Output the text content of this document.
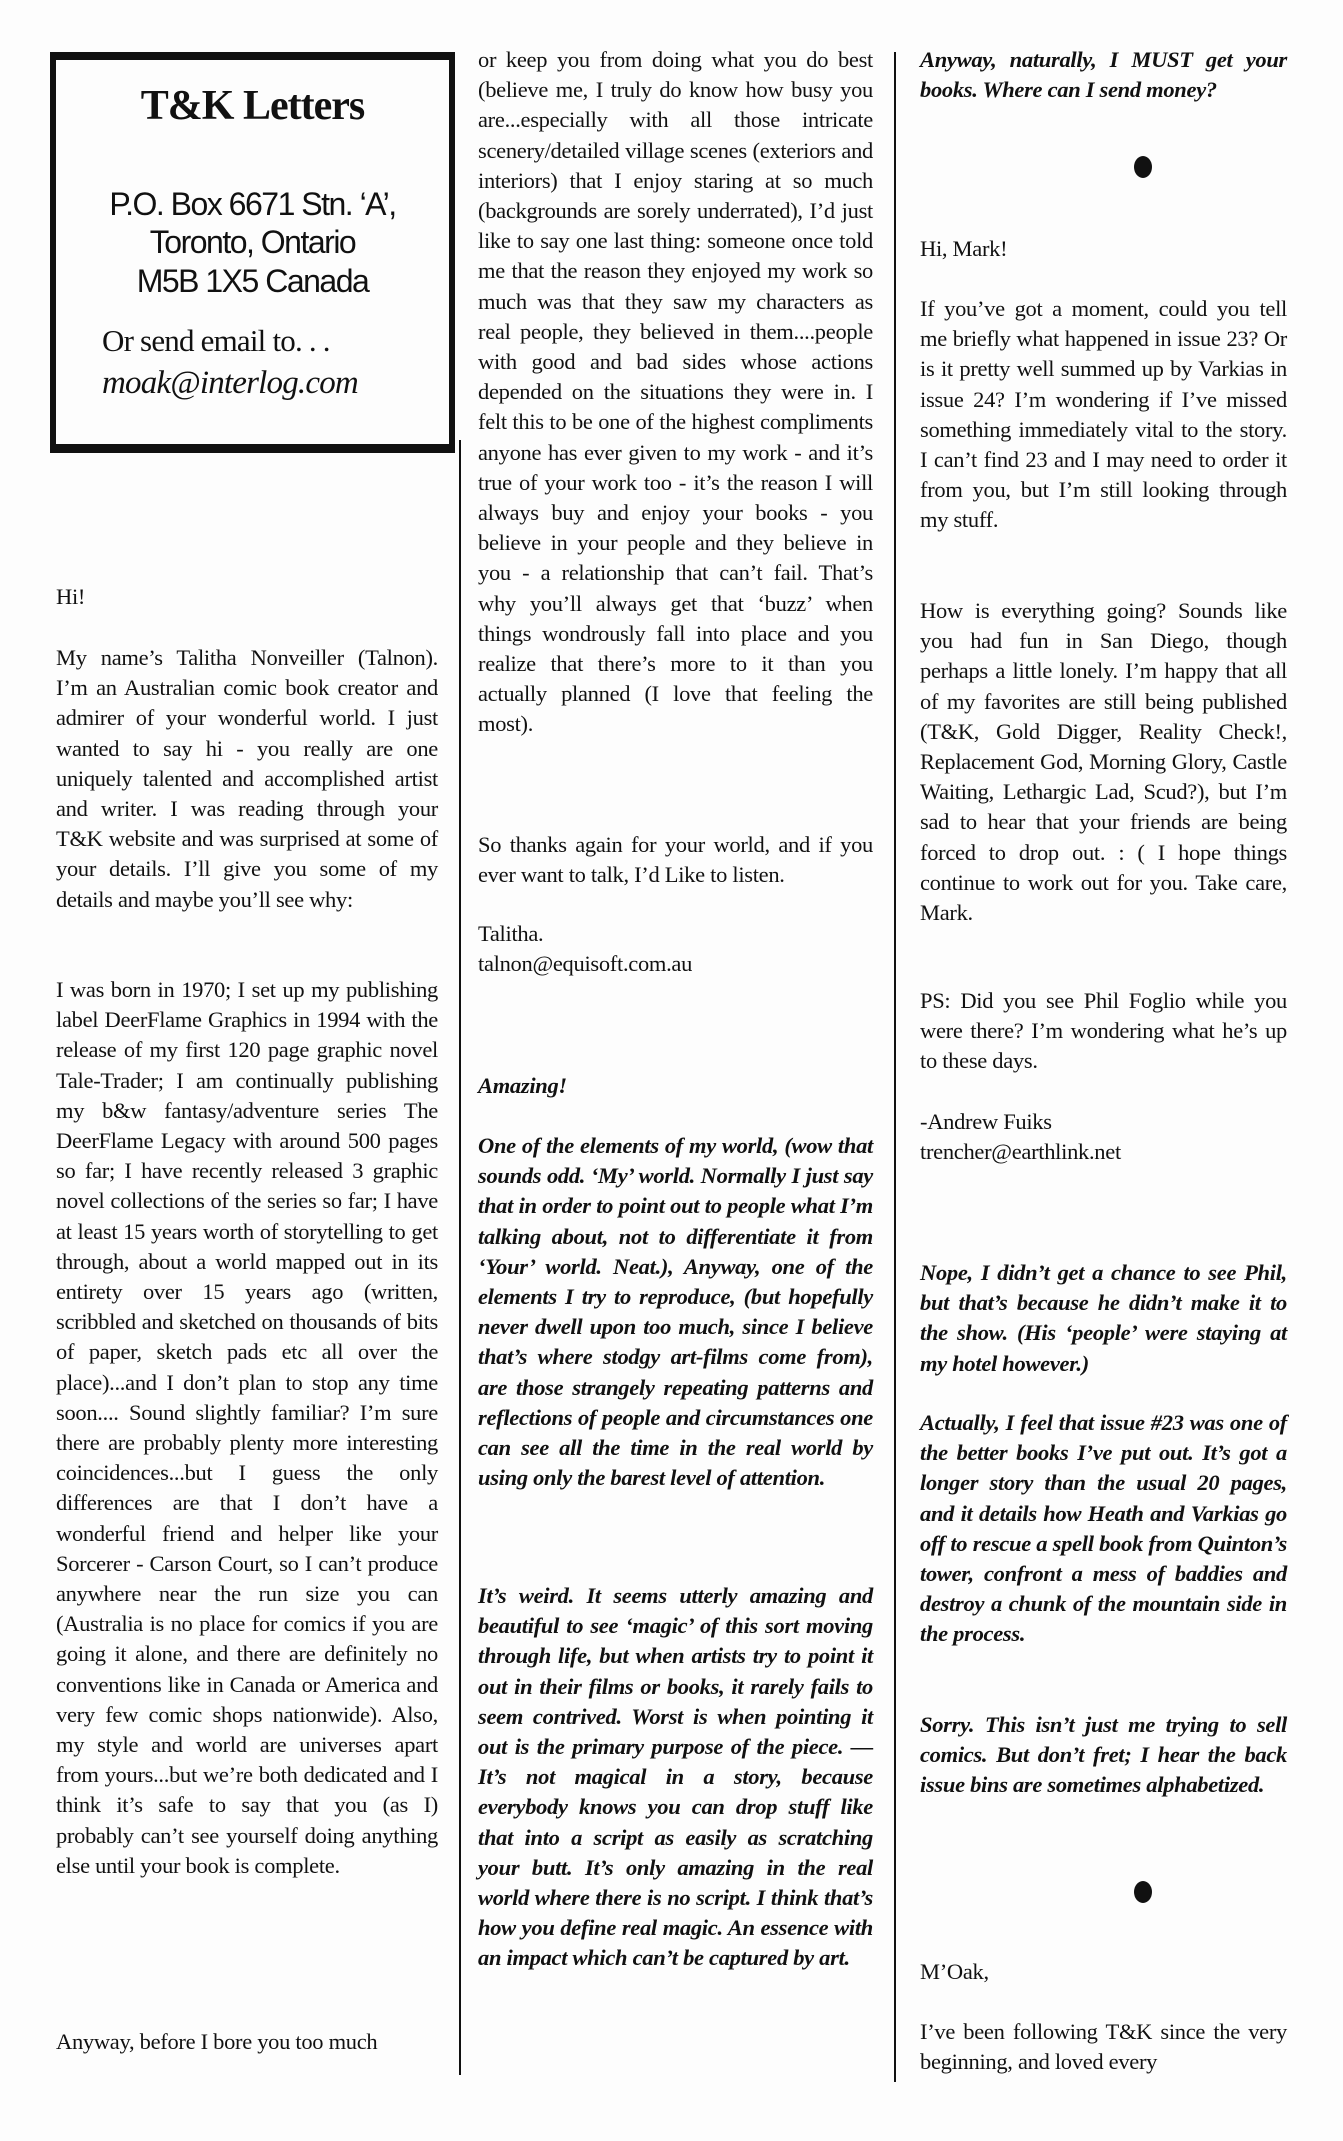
T&K Letters
P.O. Box 6671 Stn. ‘A’,
Toronto, Ontario
M5B 1X5 Canada
Or send email to. . .
moak@interlog.com

Hi!

My name’s Talitha Nonveiller (Talnon). I’m an Australian comic book creator and admirer of your wonderful world. I just wanted to say hi - you really are one uniquely talented and accomplished artist and writer. I was reading through your T&K website and was surprised at some of your details. I’ll give you some of my details and maybe you’ll see why:

I was born in 1970; I set up my publishing label DeerFlame Graphics in 1994 with the release of my first 120 page graphic novel Tale-Trader; I am continually publishing my b&w fantasy/adventure series The DeerFlame Legacy with around 500 pages so far; I have recently released 3 graphic novel collections of the series so far; I have at least 15 years worth of storytelling to get through, about a world mapped out in its entirety over 15 years ago (written, scribbled and sketched on thousands of bits of paper, sketch pads etc all over the place)...and I don’t plan to stop any time soon.... Sound slightly familiar? I’m sure there are probably plenty more interesting coincidences...but I guess the only differences are that I don’t have a wonderful friend and helper like your Sorcerer - Carson Court, so I can’t produce anywhere near the run size you can (Australia is no place for comics if you are going it alone, and there are definitely no conventions like in Canada or America and very few comic shops nationwide). Also, my style and world are universes apart from yours...but we’re both dedicated and I think it’s safe to say that you (as I) probably can’t see yourself doing anything else until your book is complete.

Anyway, before I bore you too much

or keep you from doing what you do best (believe me, I truly do know how busy you are...especially with all those intricate scenery/detailed village scenes (exteriors and interiors) that I enjoy staring at so much (backgrounds are sorely underrated), I’d just like to say one last thing: someone once told me that the reason they enjoyed my work so much was that they saw my characters as real people, they believed in them....people with good and bad sides whose actions depended on the situations they were in. I felt this to be one of the highest compliments anyone has ever given to my work - and it’s true of your work too - it’s the reason I will always buy and enjoy your books - you believe in your people and they believe in you - a relationship that can’t fail. That’s why you’ll always get that ‘buzz’ when things wondrously fall into place and you realize that there’s more to it than you actually planned (I love that feeling the most).

So thanks again for your world, and if you ever want to talk, I’d Like to listen.

Talitha.

talnon@equisoft.com.au

Amazing!

One of the elements of my world, (wow that sounds odd. ‘My’ world. Normally I just say that in order to point out to people what I’m talking about, not to differentiate it from ‘Your’ world. Neat.), Anyway, one of the elements I try to reproduce, (but hopefully never dwell upon too much, since I believe that’s where stodgy art-films come from), are those strangely repeating patterns and reflections of people and circumstances one can see all the time in the real world by using only the barest level of attention.

It’s weird. It seems utterly amazing and beautiful to see ‘magic’ of this sort moving through life, but when artists try to point it out in their films or books, it rarely fails to seem contrived. Worst is when pointing it out is the primary purpose of the piece. —It’s not magical in a story, because everybody knows you can drop stuff like that into a script as easily as scratching your butt. It’s only amazing in the real world where there is no script. I think that’s how you define real magic. An essence with an impact which can’t be captured by art.

Anyway, naturally, I MUST get your books. Where can I send money?

Hi, Mark!

If you’ve got a moment, could you tell me briefly what happened in issue 23? Or is it pretty well summed up by Varkias in issue 24? I’m wondering if I’ve missed something immediately vital to the story. I can’t find 23 and I may need to order it from you, but I’m still looking through my stuff.

How is everything going? Sounds like you had fun in San Diego, though perhaps a little lonely. I’m happy that all of my favorites are still being published (T&K, Gold Digger, Reality Check!, Replacement God, Morning Glory, Castle Waiting, Lethargic Lad, Scud?), but I’m sad to hear that your friends are being forced to drop out. : ( I hope things continue to work out for you. Take care, Mark.

PS: Did you see Phil Foglio while you were there? I’m wondering what he’s up to these days.

-Andrew Fuiks

trencher@earthlink.net

Nope, I didn’t get a chance to see Phil, but that’s because he didn’t make it to the show. (His ‘people’ were staying at my hotel however.)

Actually, I feel that issue #23 was one of the better books I’ve put out. It’s got a longer story than the usual 20 pages, and it details how Heath and Varkias go off to rescue a spell book from Quinton’s tower, confront a mess of baddies and destroy a chunk of the mountain side in the process.

Sorry. This isn’t just me trying to sell comics. But don’t fret; I hear the back issue bins are sometimes alphabetized.

M’Oak,

I’ve been following T&K since the very beginning, and loved every
